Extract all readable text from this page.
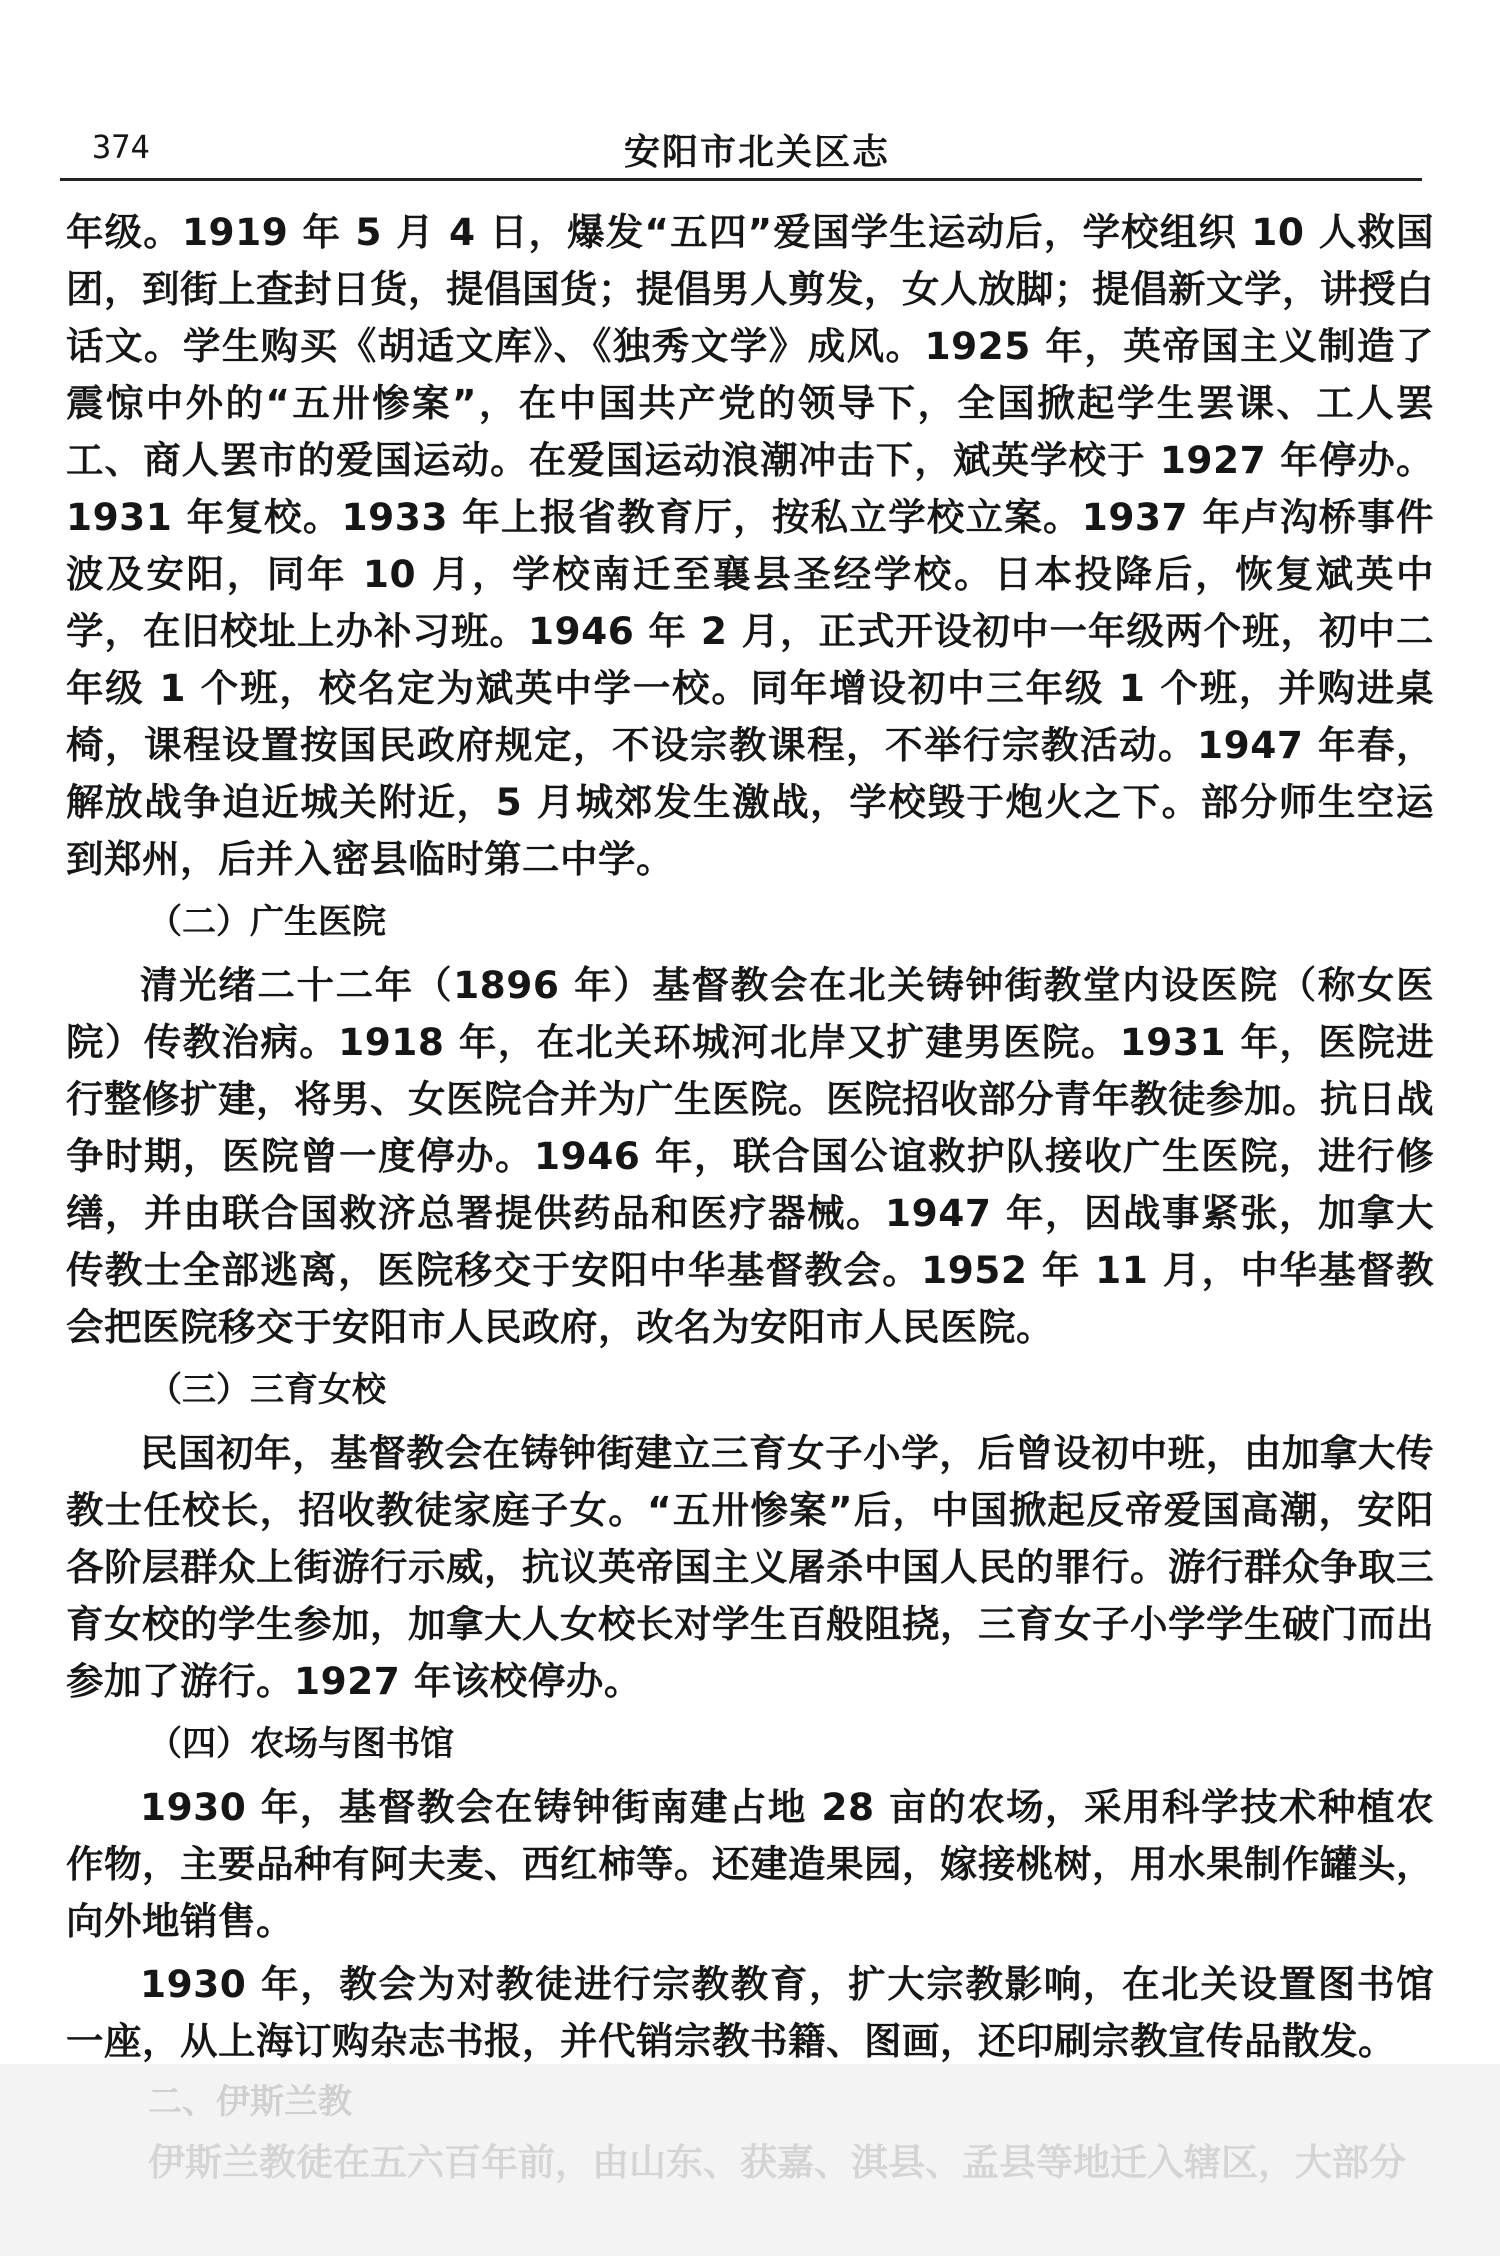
374	安阳市北关区志

年级。1919 年 5 月 4 日，爆发“五四”爱国学生运动后，学校组织 10 人救国团，到街上查封日货，提倡国货；提倡男人剪发，女人放脚；提倡新文学，讲授白话文。学生购买《胡适文库》、《独秀文学》成风。1925 年，英帝国主义制造了震惊中外的“五卅惨案”，在中国共产党的领导下，全国掀起学生罢课、工人罢工、商人罢市的爱国运动。在爱国运动浪潮冲击下，斌英学校于 1927 年停办。1931 年复校。1933 年上报省教育厅，按私立学校立案。1937 年卢沟桥事件波及安阳，同年 10 月，学校南迁至襄县圣经学校。日本投降后，恢复斌英中学，在旧校址上办补习班。1946 年 2 月，正式开设初中一年级两个班，初中二年级 1 个班，校名定为斌英中学一校。同年增设初中三年级 1 个班，并购进桌椅，课程设置按国民政府规定，不设宗教课程，不举行宗教活动。1947 年春，解放战争迫近城关附近，5 月城郊发生激战，学校毁于炮火之下。部分师生空运到郑州，后并入密县临时第二中学。

（二）广生医院

清光绪二十二年（1896 年）基督教会在北关铸钟街教堂内设医院（称女医院）传教治病。1918 年，在北关环城河北岸又扩建男医院。1931 年，医院进行整修扩建，将男、女医院合并为广生医院。医院招收部分青年教徒参加。抗日战争时期，医院曾一度停办。1946 年，联合国公谊救护队接收广生医院，进行修缮，并由联合国救济总署提供药品和医疗器械。1947 年，因战事紧张，加拿大传教士全部逃离，医院移交于安阳中华基督教会。1952 年 11 月，中华基督教会把医院移交于安阳市人民政府，改名为安阳市人民医院。

（三）三育女校

民国初年，基督教会在铸钟街建立三育女子小学，后曾设初中班，由加拿大传教士任校长，招收教徒家庭子女。“五卅惨案”后，中国掀起反帝爱国高潮，安阳各阶层群众上街游行示威，抗议英帝国主义屠杀中国人民的罪行。游行群众争取三育女校的学生参加，加拿大人女校长对学生百般阻挠，三育女子小学学生破门而出参加了游行。1927 年该校停办。

（四）农场与图书馆

1930 年，基督教会在铸钟街南建占地 28 亩的农场，采用科学技术种植农作物，主要品种有阿夫麦、西红柿等。还建造果园，嫁接桃树，用水果制作罐头，向外地销售。

1930 年，教会为对教徒进行宗教教育，扩大宗教影响，在北关设置图书馆一座，从上海订购杂志书报，并代销宗教书籍、图画，还印刷宗教宣传品散发。

二、伊斯兰教
伊斯兰教徒在五六百年前，由山东、获嘉、淇县、孟县等地迁入辖区，大部分
